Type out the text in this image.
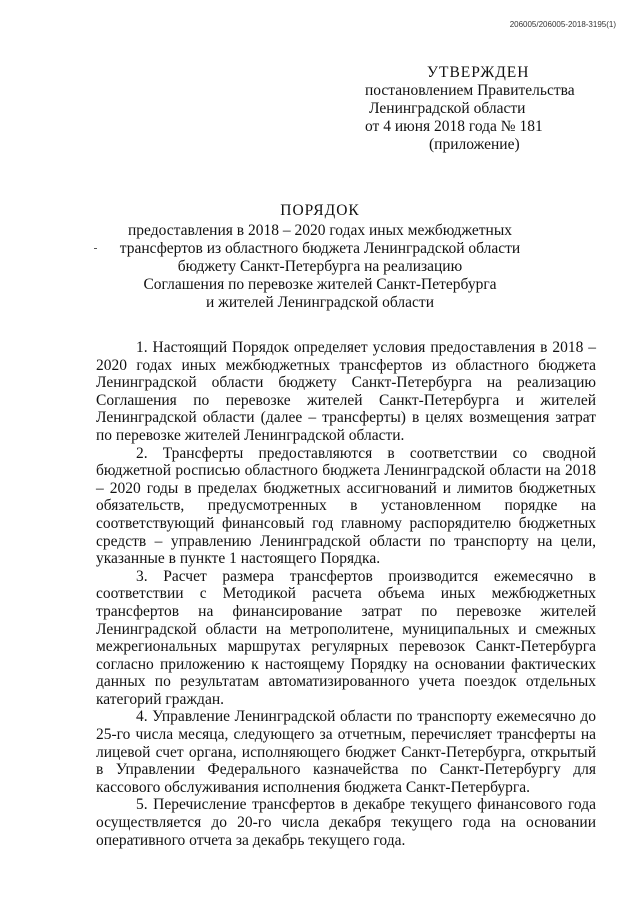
206005/206005-2018-3195(1)
УТВЕРЖДЕН
постановлением Правительства
Ленинградской области
от 4 июня 2018 года № 181
(приложение)
ПОРЯДОК
предоставления в 2018 – 2020 годах иных межбюджетных
трансфертов из областного бюджета Ленинградской области
бюджету Санкт-Петербурга на реализацию
Соглашения по перевозке жителей Санкт-Петербурга
и жителей Ленинградской области

1. Настоящий Порядок определяет условия предоставления в 2018 – 2020 годах иных межбюджетных трансфертов из областного бюджета Ленинградской области бюджету Санкт-Петербурга на реализацию Соглашения по перевозке жителей Санкт-Петербурга и жителей Ленинградской области (далее – трансферты) в целях возмещения затрат по перевозке жителей Ленинградской области.

2. Трансферты предоставляются в соответствии со сводной бюджетной росписью областного бюджета Ленинградской области на 2018 – 2020 годы в пределах бюджетных ассигнований и лимитов бюджетных обязательств, предусмотренных в установленном порядке на соответствующий финансовый год главному распорядителю бюджетных средств – управлению Ленинградской области по транспорту на цели, указанные в пункте 1 настоящего Порядка.

3. Расчет размера трансфертов производится ежемесячно в соответствии с Методикой расчета объема иных межбюджетных трансфертов на финансирование затрат по перевозке жителей Ленинградской области на метрополитене, муниципальных и смежных межрегиональных маршрутах регулярных перевозок Санкт-Петербурга согласно приложению к настоящему Порядку на основании фактических данных по результатам автоматизированного учета поездок отдельных категорий граждан.

4. Управление Ленинградской области по транспорту ежемесячно до 25-го числа месяца, следующего за отчетным, перечисляет трансферты на лицевой счет органа, исполняющего бюджет Санкт-Петербурга, открытый в Управлении Федерального казначейства по Санкт-Петербургу для кассового обслуживания исполнения бюджета Санкт-Петербурга.

5. Перечисление трансфертов в декабре текущего финансового года осуществляется до 20-го числа декабря текущего года на основании оперативного отчета за декабрь текущего года.
